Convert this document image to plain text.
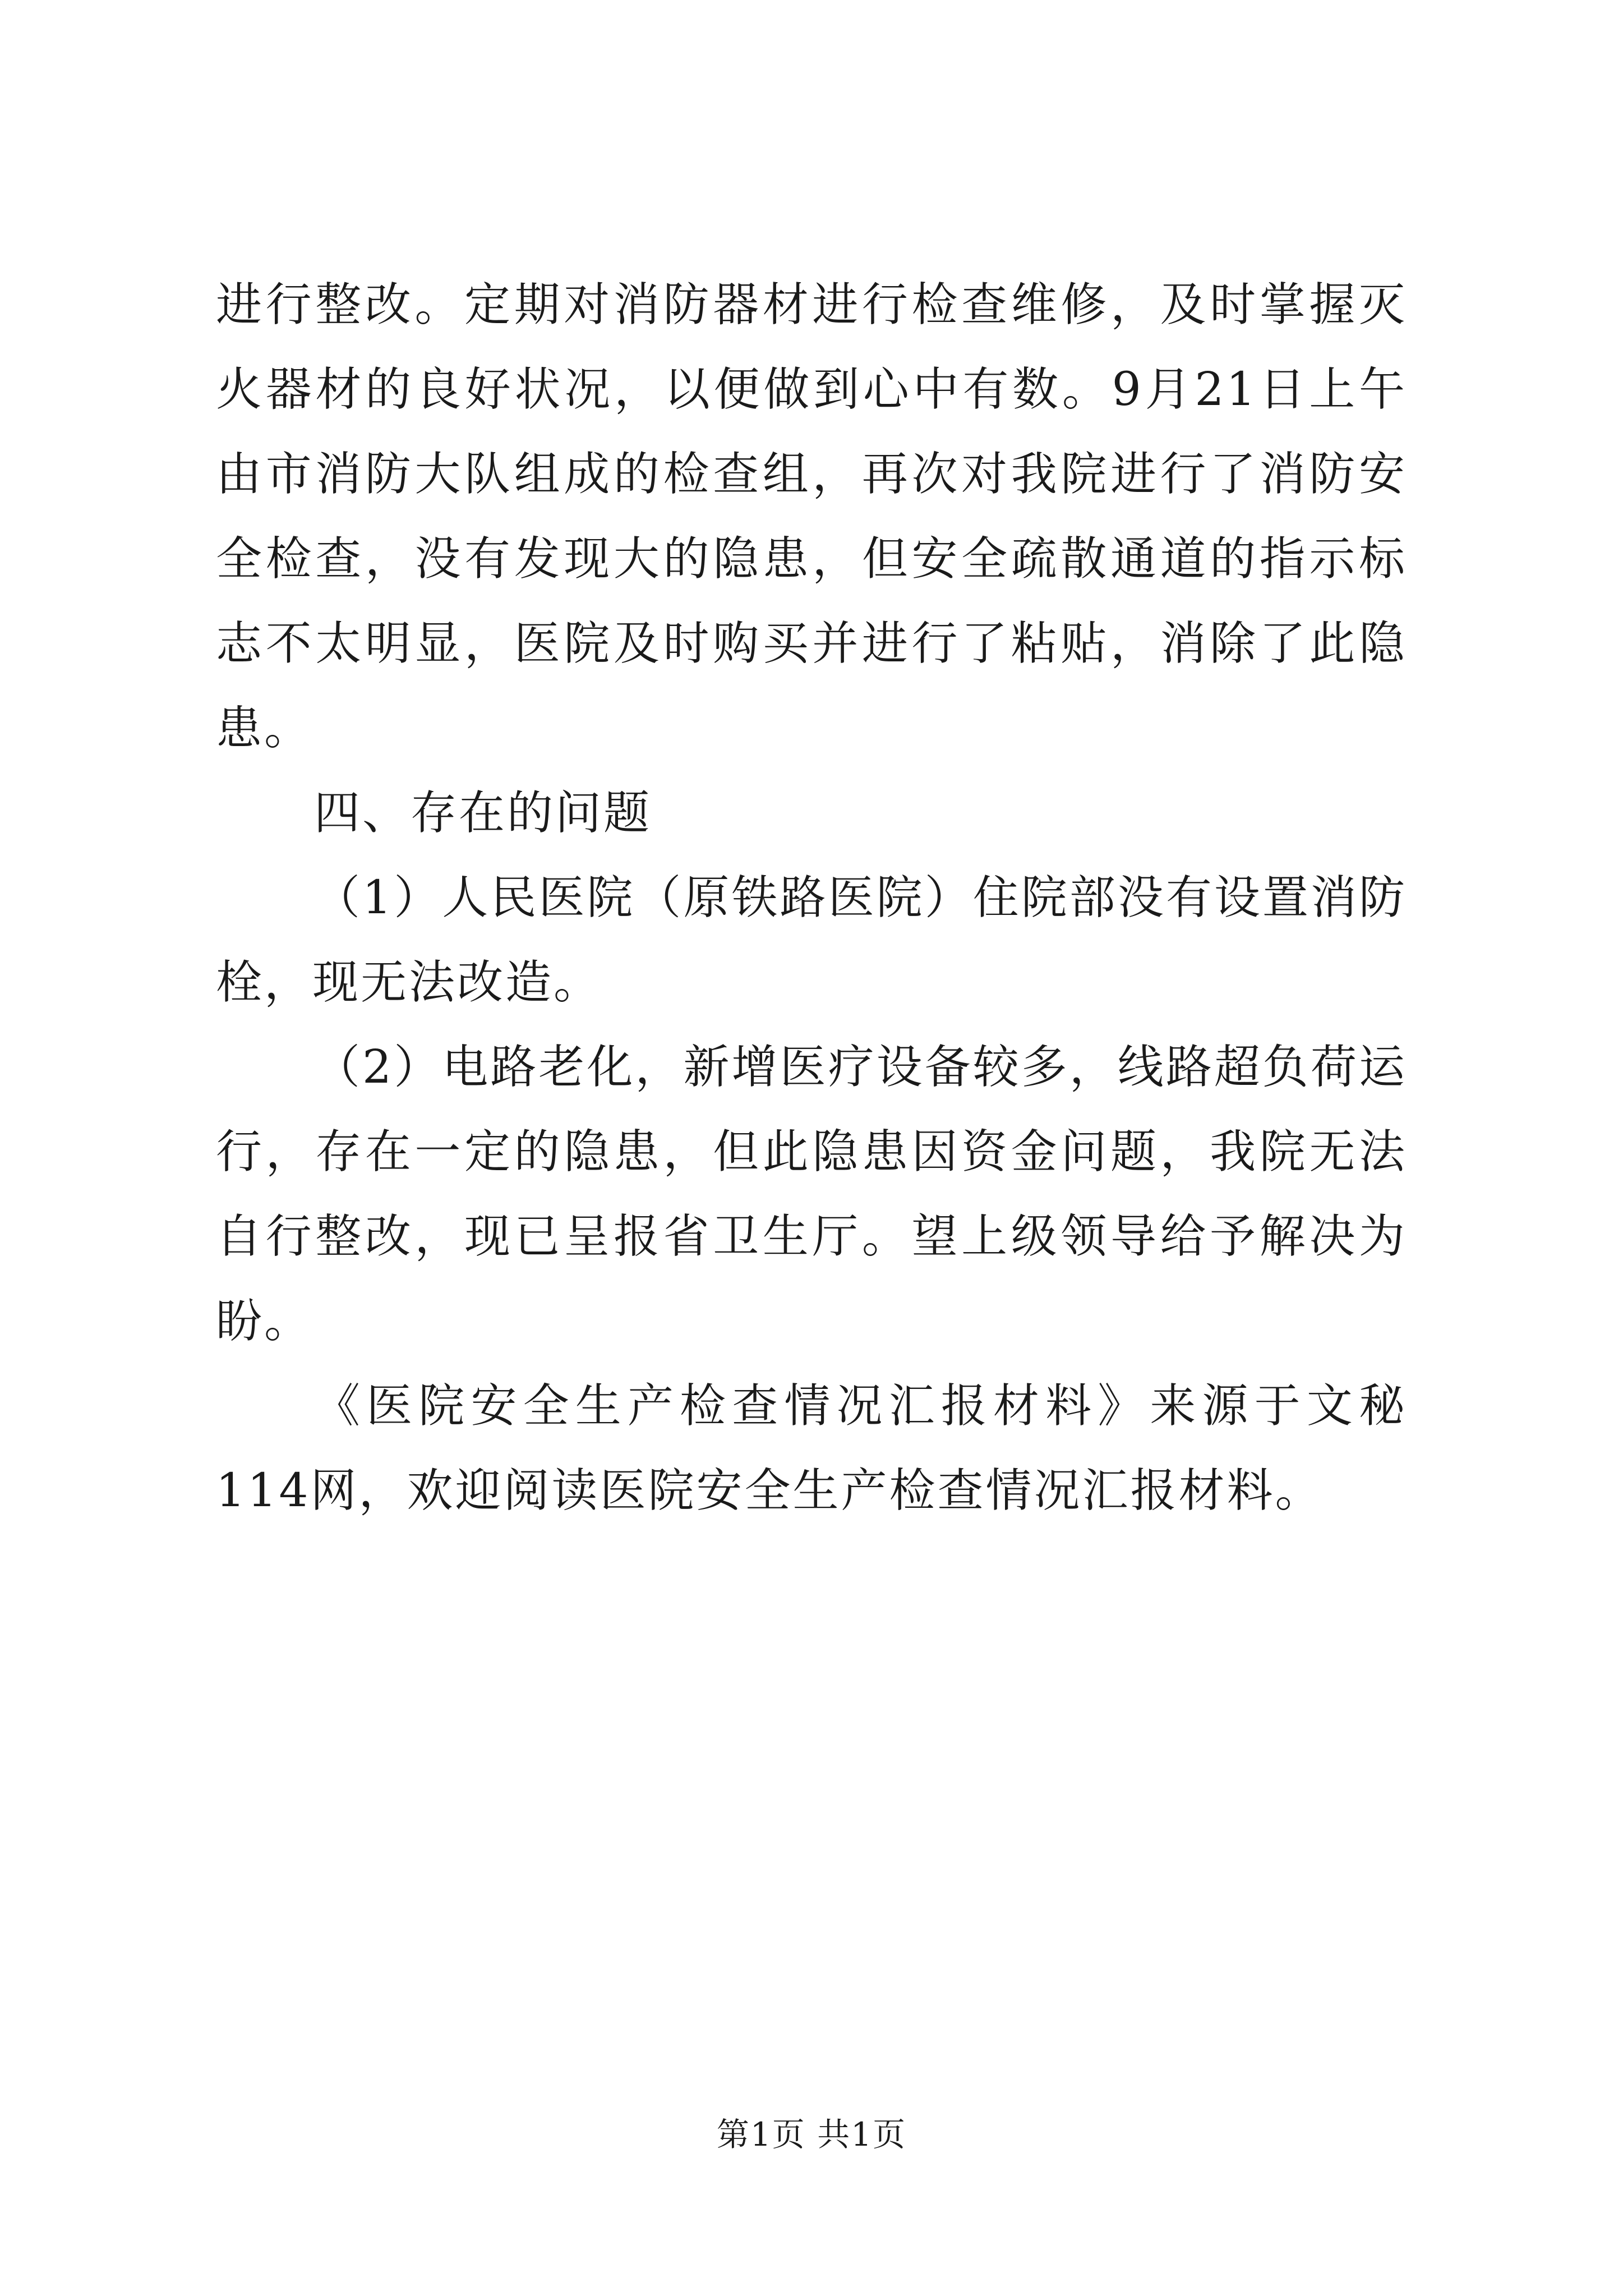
进行整改。定期对消防器材进行检查维修，及时掌握灭火器材的良好状况，以便做到心中有数。9月21日上午由市消防大队组成的检查组，再次对我院进行了消防安全检查，没有发现大的隐患，但安全疏散通道的指示标志不太明显，医院及时购买并进行了粘贴，消除了此隐患。

四、存在的问题

（1）人民医院（原铁路医院）住院部没有设置消防栓，现无法改造。

（2）电路老化，新增医疗设备较多，线路超负荷运行，存在一定的隐患，但此隐患因资金问题，我院无法自行整改，现已呈报省卫生厅。望上级领导给予解决为盼。

《医院安全生产检查情况汇报材料》来源于文秘114网，欢迎阅读医院安全生产检查情况汇报材料。

第1页 共1页
